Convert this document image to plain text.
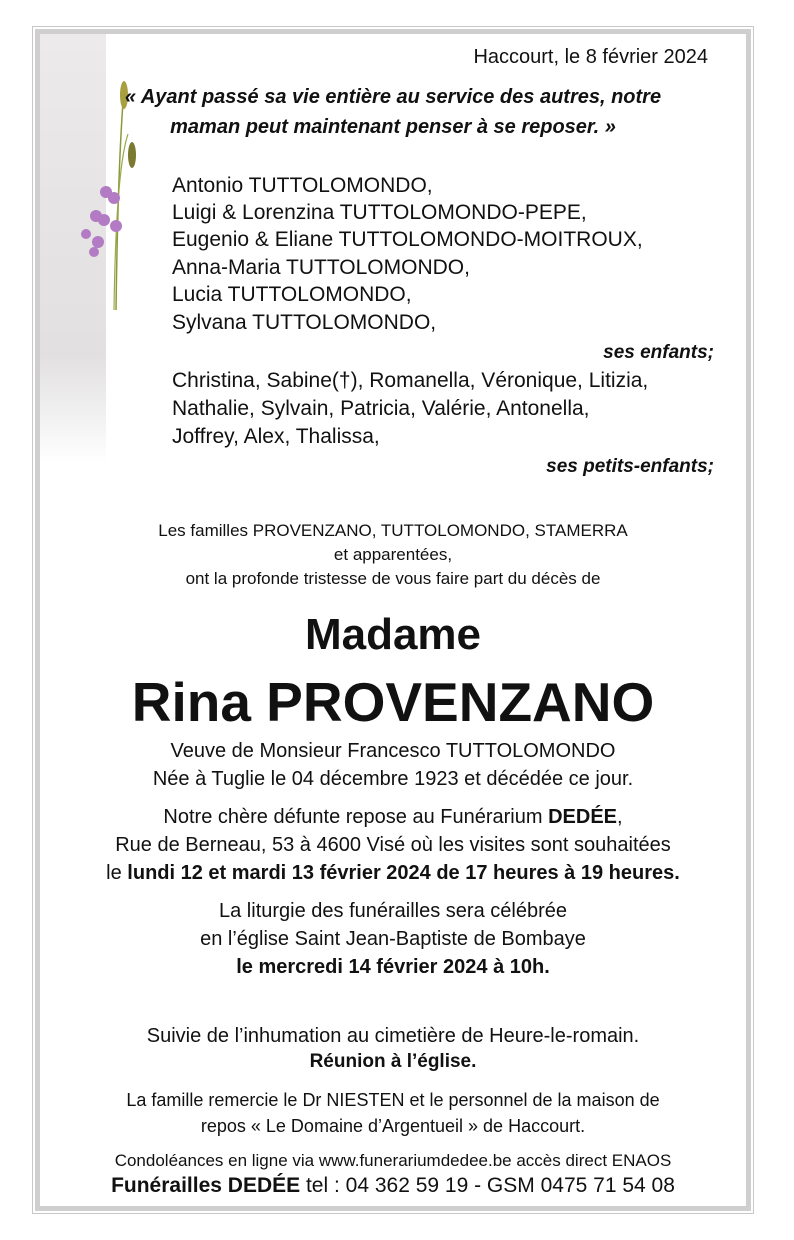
Haccourt, le 8 février 2024
« Ayant passé sa vie entière au service des autres, notre
maman peut maintenant penser à se reposer. »
Antonio TUTTOLOMONDO,
Luigi & Lorenzina TUTTOLOMONDO-PEPE,
Eugenio & Eliane TUTTOLOMONDO-MOITROUX,
Anna-Maria TUTTOLOMONDO,
Lucia TUTTOLOMONDO,
Sylvana TUTTOLOMONDO,
ses enfants;
Christina, Sabine(†), Romanella, Véronique, Litizia,
Nathalie, Sylvain, Patricia, Valérie, Antonella,
Joffrey, Alex, Thalissa,
ses petits-enfants;
Les familles PROVENZANO, TUTTOLOMONDO, STAMERRA
et apparentées,
ont la profonde tristesse de vous faire part du décès de
Madame
Rina PROVENZANO
Veuve de Monsieur Francesco TUTTOLOMONDO
Née à Tuglie le 04 décembre 1923 et décédée ce jour.
Notre chère défunte repose au Funérarium DEDÉE,
Rue de Berneau, 53 à 4600 Visé où les visites sont souhaitées
le lundi 12 et mardi 13 février 2024 de 17 heures à 19 heures.
La liturgie des funérailles sera célébrée
en l’église Saint Jean-Baptiste de Bombaye
le mercredi 14 février 2024 à 10h.
Suivie de l’inhumation au cimetière de Heure-le-romain.
Réunion à l’église.
La famille remercie le Dr NIESTEN et le personnel de la maison de
repos « Le Domaine d’Argentueil » de Haccourt.
Condoléances en ligne via www.funerariumdedee.be accès direct ENAOS
Funérailles DEDÉE tel : 04 362 59 19 - GSM 0475 71 54 08
